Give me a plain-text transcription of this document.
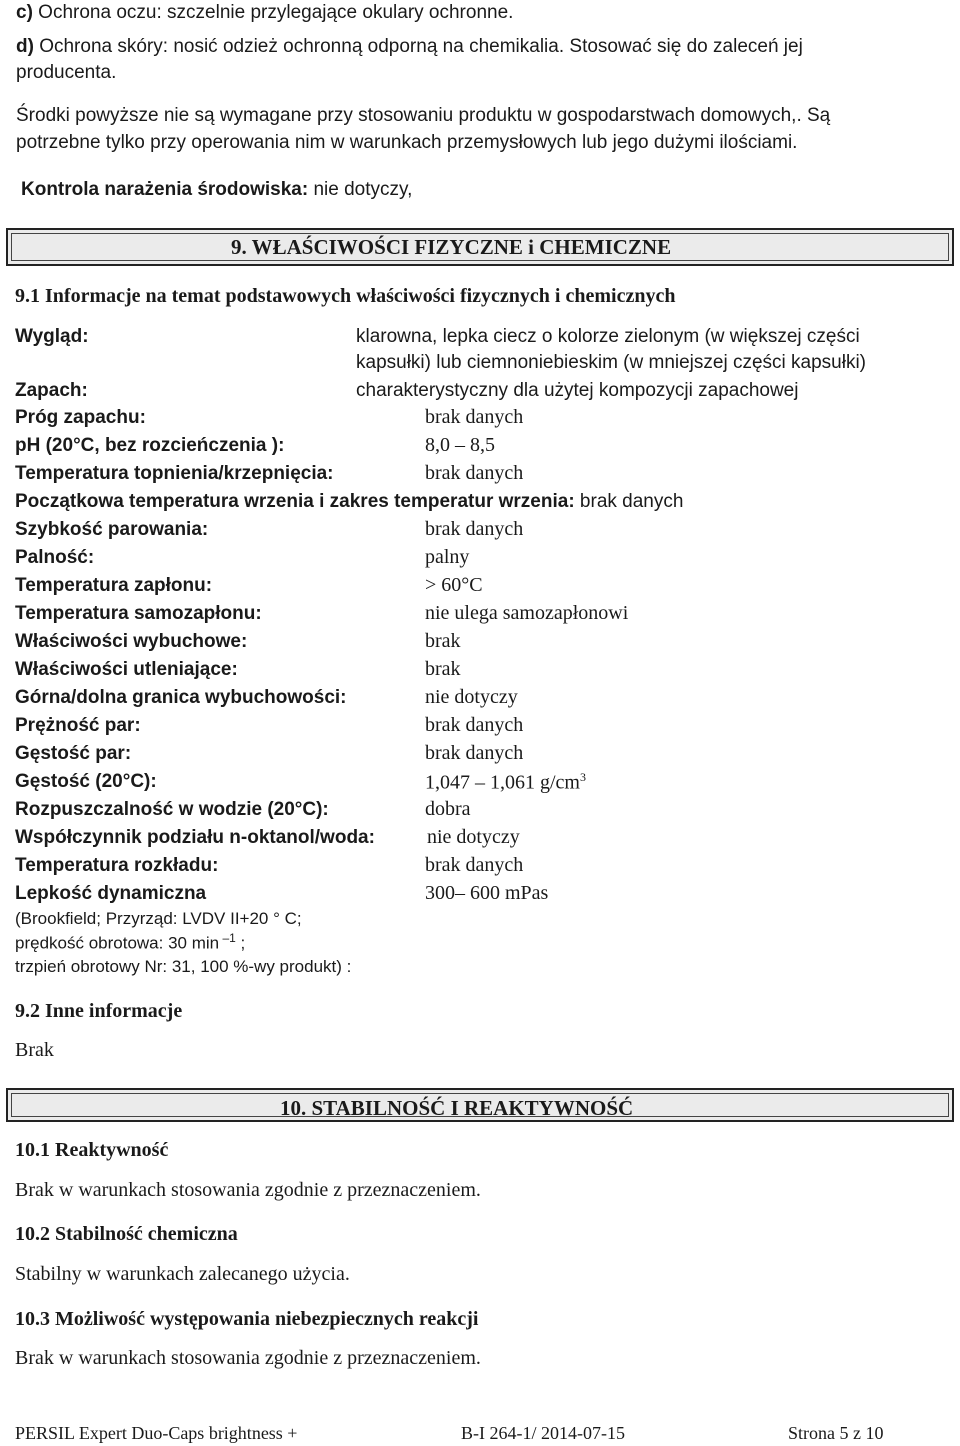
c) Ochrona oczu: szczelnie przylegające okulary ochronne.
d) Ochrona skóry: nosić odzież ochronną odporną na chemikalia. Stosować się do zaleceń jej
producenta.
Środki powyższe nie są wymagane przy stosowaniu produktu w gospodarstwach domowych,. Są
potrzebne tylko przy operowania nim w warunkach przemysłowych lub jego dużymi ilościami.
Kontrola narażenia środowiska: nie dotyczy,
9. WŁAŚCIWOŚCI FIZYCZNE i CHEMICZNE
9.1 Informacje na temat podstawowych właściwości fizycznych i chemicznych
Wygląd:	klarowna, lepka ciecz o kolorze zielonym (w większej części
kapsułki) lub ciemnoniebieskim (w mniejszej części kapsułki)
Zapach:	charakterystyczny dla użytej kompozycji zapachowej
Próg zapachu:	brak danych
pH (20°C, bez rozcieńczenia ):	8,0 – 8,5
Temperatura topnienia/krzepnięcia:	brak danych
Początkowa temperatura wrzenia i zakres temperatur wrzenia: brak danych
Szybkość parowania:	brak danych
Palność:	palny
Temperatura zapłonu:	> 60°C
Temperatura samozapłonu:	nie ulega samozapłonowi
Właściwości wybuchowe:	brak
Właściwości utleniające:	brak
Górna/dolna granica wybuchowości:	nie dotyczy
Prężność par:	brak danych
Gęstość par:	brak danych
Gęstość (20°C):	1,047 – 1,061 $g/cm^3$
Rozpuszczalność w wodzie (20°C):	dobra
Współczynnik podziału n-oktanol/woda:	nie dotyczy
Temperatura rozkładu:	brak danych
Lepkość dynamiczna	300– 600 mPas
(Brookfield; Przyrząd: LVDV II+20 ° C;
prędkość obrotowa: 30 min $^{-1}$ ;
trzpień obrotowy Nr: 31, 100 %-wy produkt) :
9.2 Inne informacje
Brak
10. STABILNOŚĆ I REAKTYWNOŚĆ
10.1 Reaktywność
Brak w warunkach stosowania zgodnie z przeznaczeniem.
10.2 Stabilność chemiczna
Stabilny w warunkach zalecanego użycia.
10.3 Możliwość występowania niebezpiecznych reakcji
Brak w warunkach stosowania zgodnie z przeznaczeniem.
PERSIL Expert Duo-Caps brightness +	B-I 264-1/ 2014-07-15	Strona 5 z 10
